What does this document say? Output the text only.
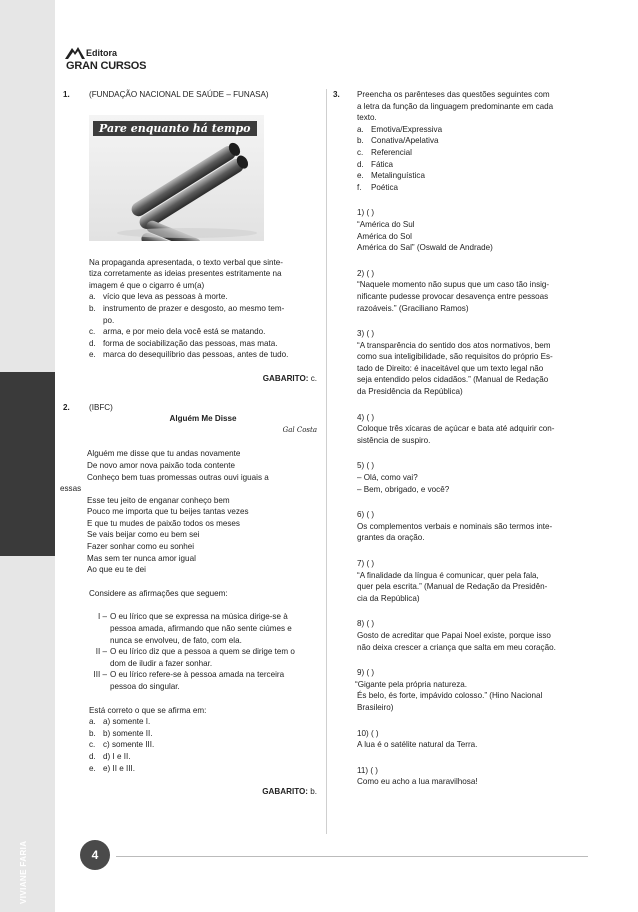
VIVIANE FARIA
Editora
GRAN CURSOS
1. (FUNDAÇÃO NACIONAL DE SAÚDE – FUNASA)

Pare enquanto há tempo

Na propaganda apresentada, o texto verbal que sinte-

tiza corretamente as ideias presentes estritamente na

imagem é que o cigarro é um(a)

a. vício que leva as pessoas à morte.
b. instrumento de prazer e desgosto, ao mesmo tem-
po.
c. arma, e por meio dela você está se matando.
d. forma de sociabilização das pessoas, mas mata.
e. marca do desequilíbrio das pessoas, antes de tudo.

GABARITO: c.

2. (IBFC)

Alguém Me Disse

Gal Costa

Alguém me disse que tu andas novamente

De novo amor nova paixão toda contente

Conheço bem tuas promessas outras ouvi iguais a

essas

Esse teu jeito de enganar conheço bem

Pouco me importa que tu beijes tantas vezes

E que tu mudes de paixão todos os meses

Se vais beijar como eu bem sei

Fazer sonhar como eu sonhei

Mas sem ter nunca amor igual

Ao que eu te dei

Considere as afirmações que seguem:

I – O eu lírico que se expressa na música dirige-se à
pessoa amada, afirmando que não sente ciúmes e
nunca se envolveu, de fato, com ela.
II – O eu lírico diz que a pessoa a quem se dirige tem o
dom de iludir a fazer sonhar.
III – O eu lírico refere-se à pessoa amada na terceira
pessoa do singular.

Está correto o que se afirma em:

a. a) somente I.
b. b) somente II.
c. c) somente III.
d. d) I e II.
e. e) II e III.

GABARITO: b.

3. Preencha os parênteses das questões seguintes com

a letra da função da linguagem predominante em cada

texto.

a. Emotiva/Expressiva
b. Conativa/Apelativa
c. Referencial
d. Fática
e. Metalinguística
f.	Poética

1) ( )

“América do Sul

América do Sol

América do Sal” (Oswald de Andrade)

2) ( )

“Naquele momento não supus que um caso tão insig-

nificante pudesse provocar desavença entre pessoas

razoáveis.” (Graciliano Ramos)

3) ( )

“A transparência do sentido dos atos normativos, bem

como sua inteligibilidade, são requisitos do próprio Es-

tado de Direito: é inaceitável que um texto legal não

seja entendido pelos cidadãos.” (Manual de Redação

da Presidência da República)

4) ( )

Coloque três xícaras de açúcar e bata até adquirir con-

sistência de suspiro.

5) ( )

– Olá, como vai?

– Bem, obrigado, e você?

6) ( )

Os complementos verbais e nominais são termos inte-

grantes da oração.

7) ( )

“A finalidade da língua é comunicar, quer pela fala,

quer pela escrita.” (Manual de Redação da Presidên-

cia da República)

8) ( )

Gosto de acreditar que Papai Noel existe, porque isso

não deixa crescer a criança que salta em meu coração.

9) ( )

“Gigante pela própria natureza.

És belo, és forte, impávido colosso.” (Hino Nacional

Brasileiro)

10) ( )

A lua é o satélite natural da Terra.

11) ( )

Como eu acho a lua maravilhosa!

4
